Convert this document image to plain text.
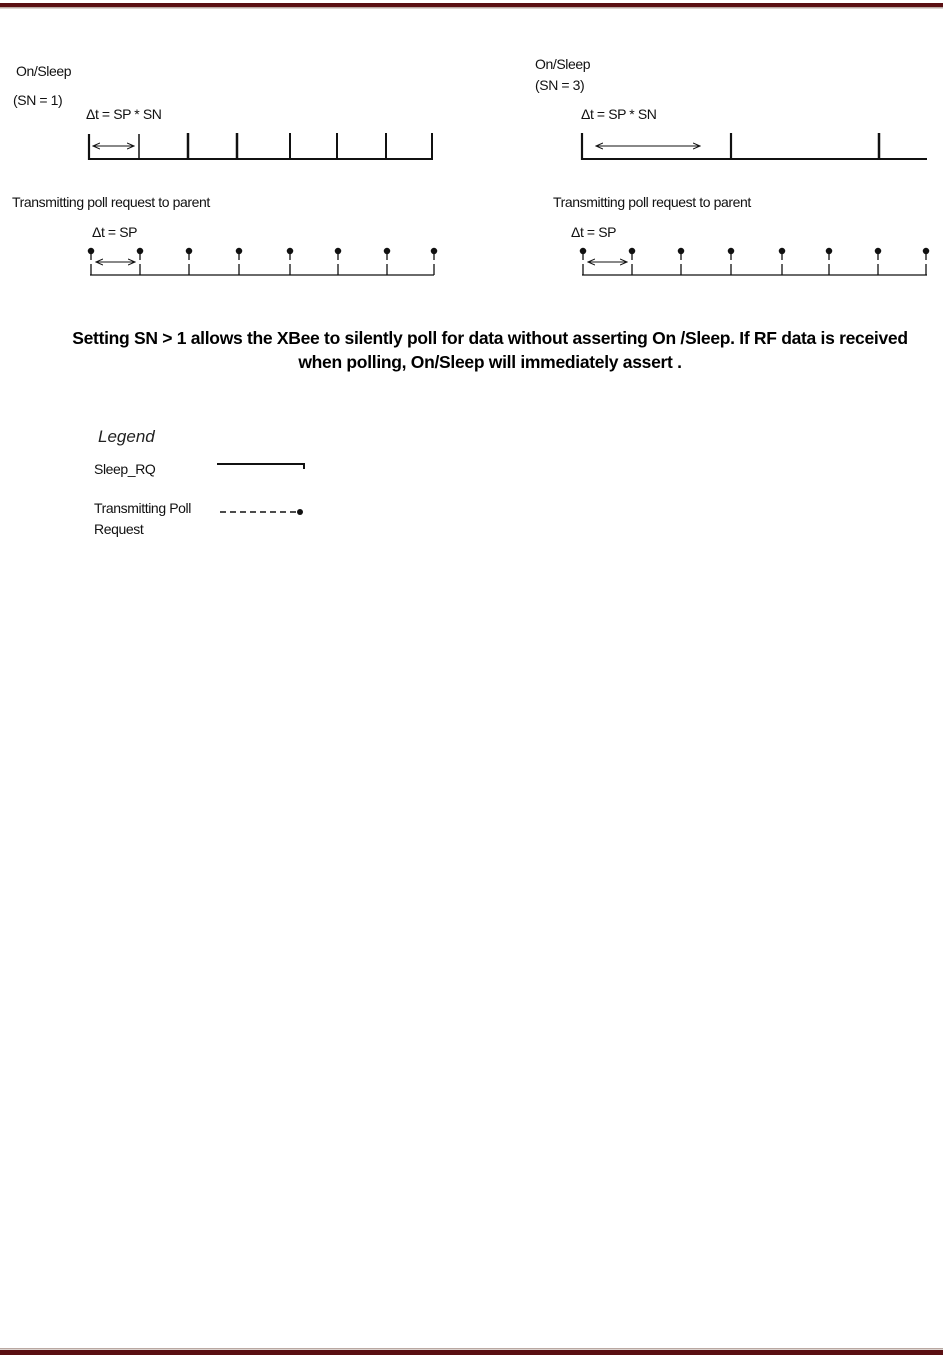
On/Sleep
(SN = 1)
Δt = SP * SN
Transmitting poll request to parent
Δt = SP
On/Sleep
(SN = 3)
Δt = SP * SN
Transmitting poll request to parent
Δt = SP
Setting SN > 1 allows the XBee to silently poll for data without asserting On /Sleep. If RF data is received
when polling, On/Sleep will immediately assert .
Legend
Sleep_RQ
Transmitting Poll
Request
